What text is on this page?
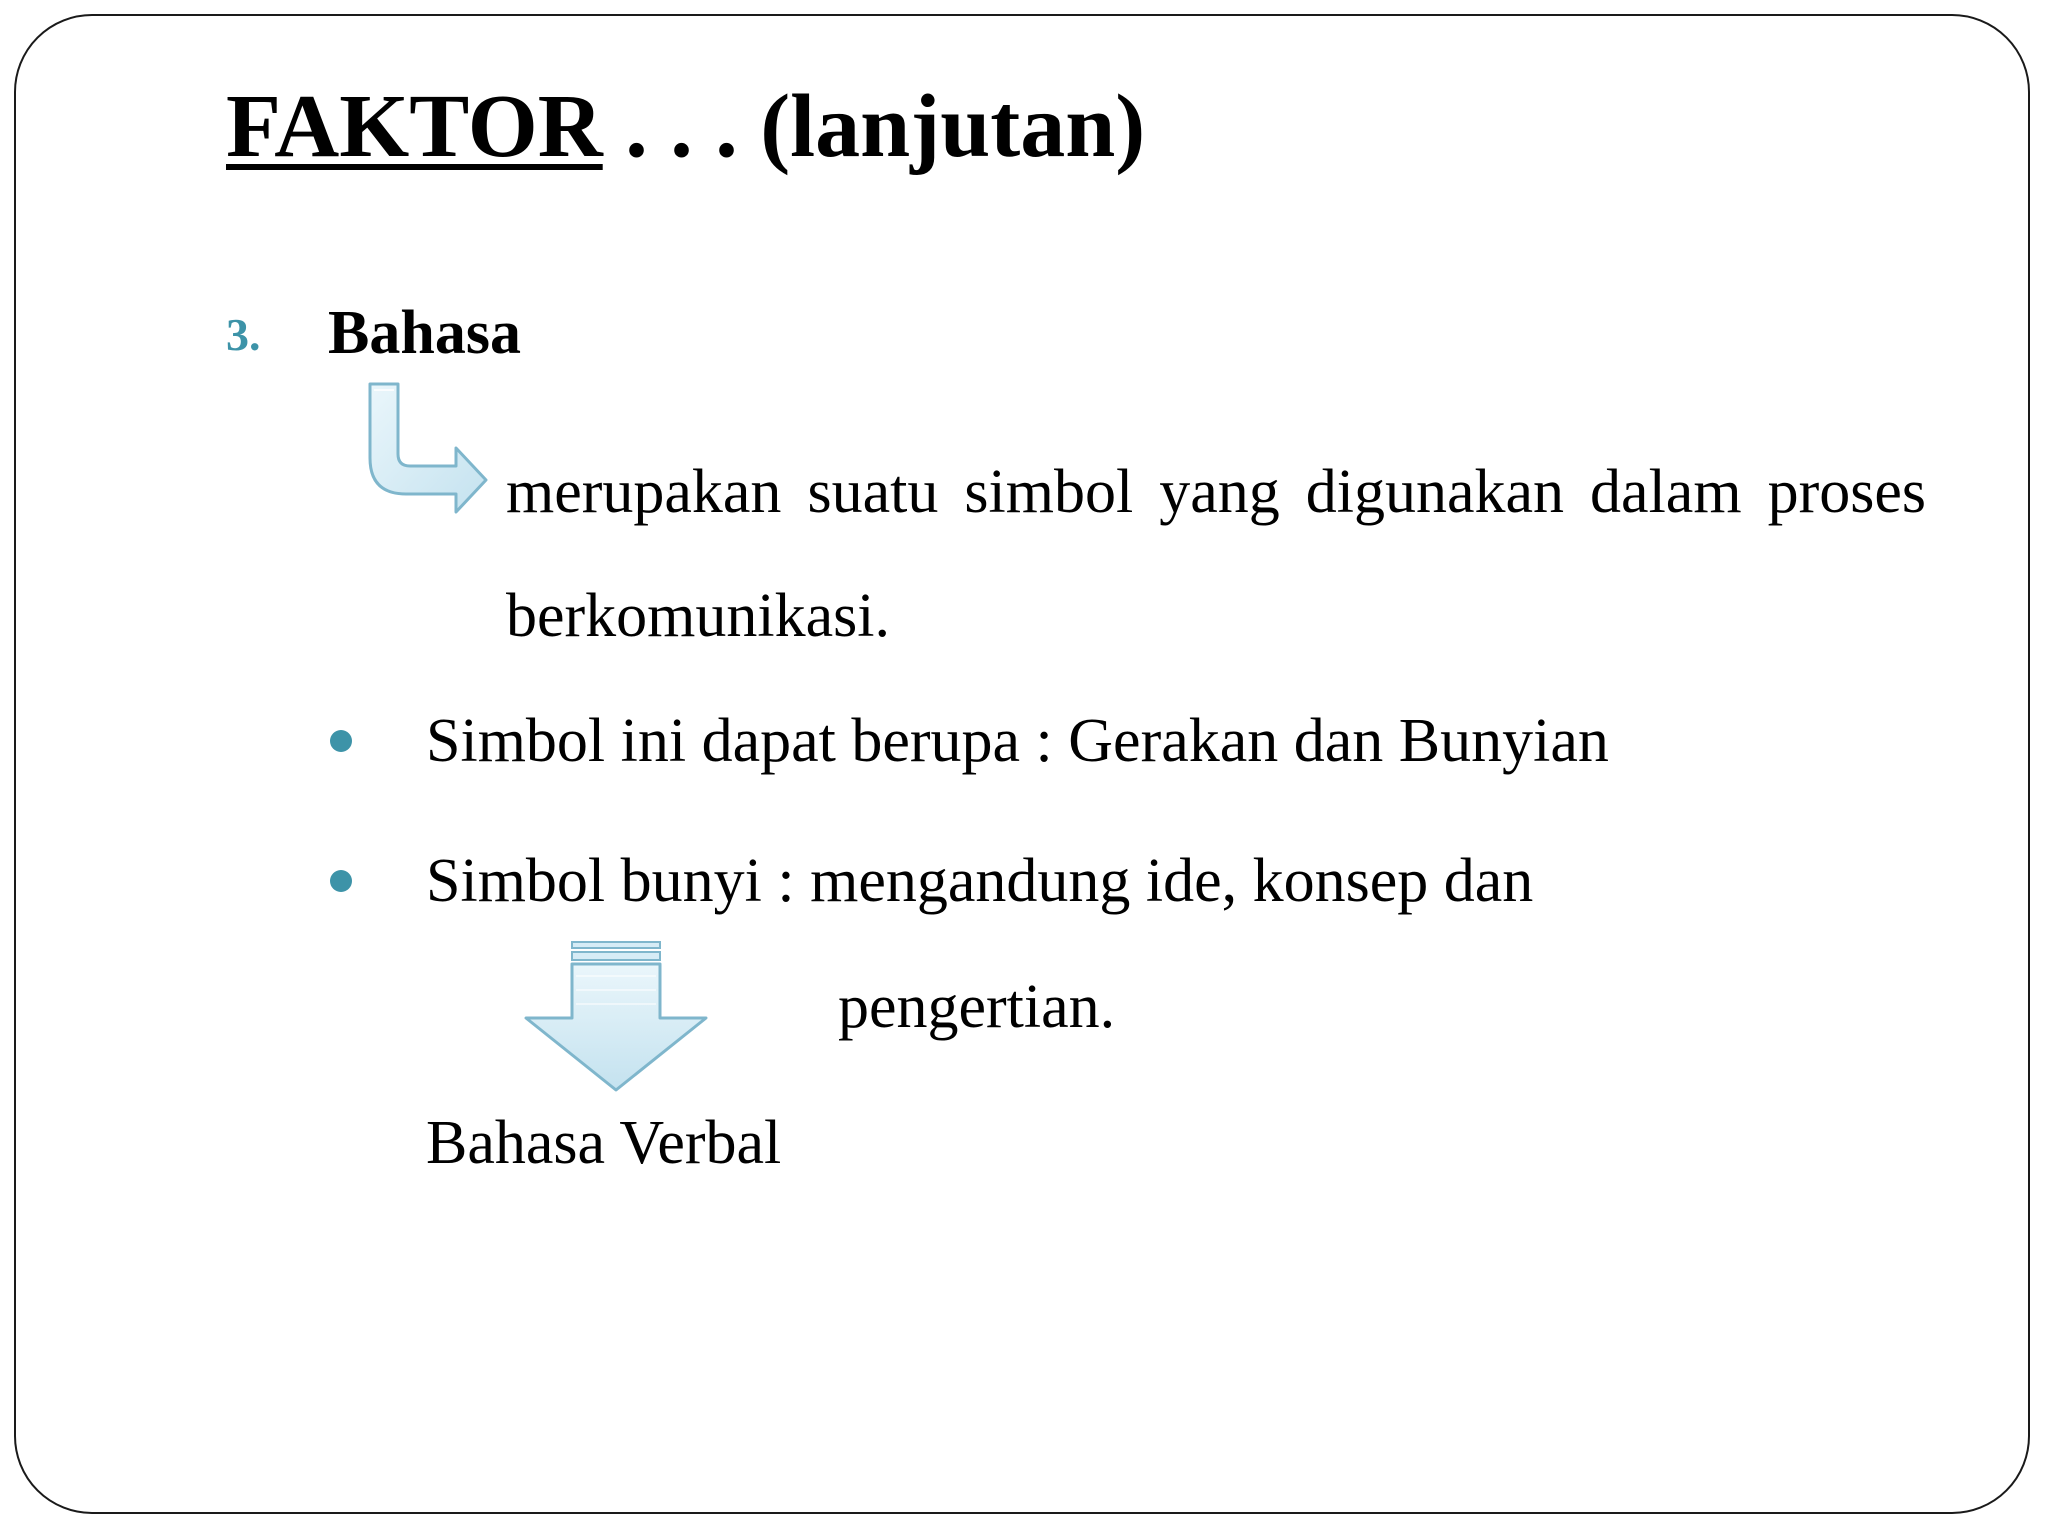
FAKTOR . . . (lanjutan)
3. Bahasa

merupakan suatu simbol yang digunakan dalam proses berkomunikasi.

Simbol ini dapat berupa : Gerakan dan Bunyian
Simbol bunyi : mengandung ide, konsep dan
pengertian.
Bahasa Verbal
